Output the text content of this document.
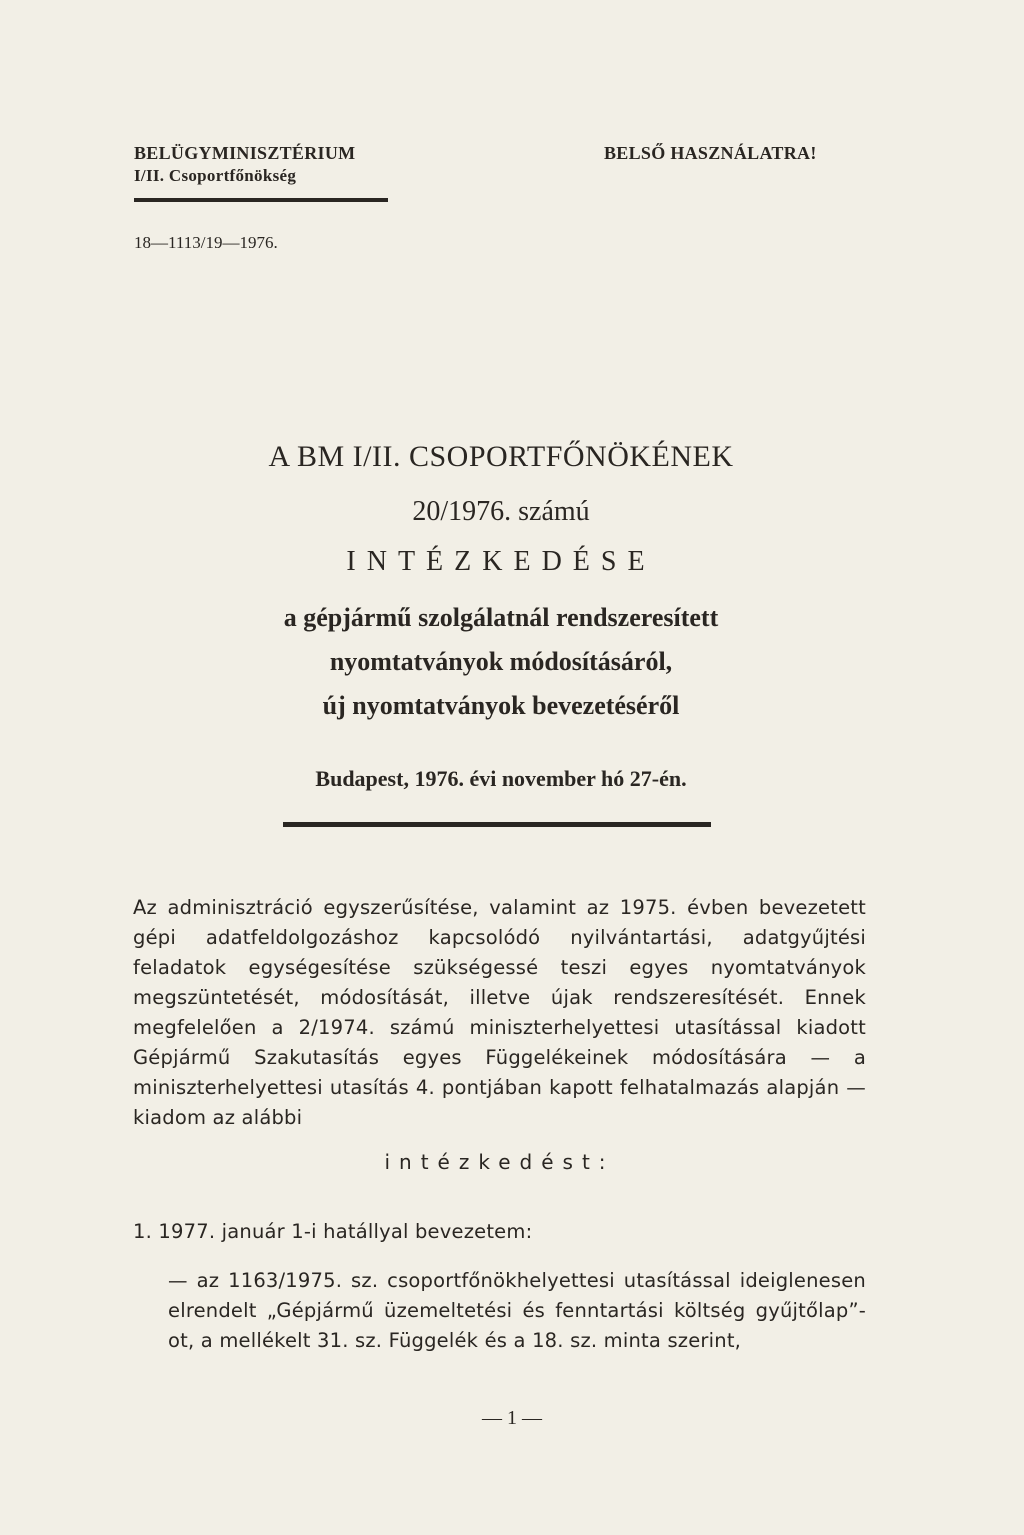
BELÜGYMINISZTÉRIUM
I/II. Csoportfőnökség
BELSŐ HASZNÁLATRA!
18—1113/19—1976.
A BM I/II. CSOPORTFŐNÖKÉNEK
20/1976. számú
INTÉZKEDÉSE
a gépjármű szolgálatnál rendszeresített
nyomtatványok módosításáról,
új nyomtatványok bevezetéséről
Budapest, 1976. évi november hó 27-én.

Az adminisztráció egyszerűsítése, valamint az 1975. évben bevezetett gépi adatfeldolgozáshoz kapcsolódó nyilvántartási, adatgyűjtési feladatok egységesítése szükségessé teszi egyes nyomtatványok megszüntetését, módosítását, illetve újak rendszeresítését. Ennek megfelelően a 2/1974. számú miniszterhelyettesi utasítással kiadott Gépjármű Szakutasítás egyes Függelékeinek módosítására — a miniszterhelyettesi utasítás 4. pontjában kapott felhatalmazás alapján — kiadom az alábbi

intézkedést:
1. 1977. január 1-i hatállyal bevezetem:

— az 1163/1975. sz. csoportfőnökhelyettesi utasítással ideiglenesen elrendelt „Gépjármű üzemeltetési és fenntartási költség gyűjtőlap”-ot, a mellékelt 31. sz. Függelék és a 18. sz. minta szerint,

— 1 —
